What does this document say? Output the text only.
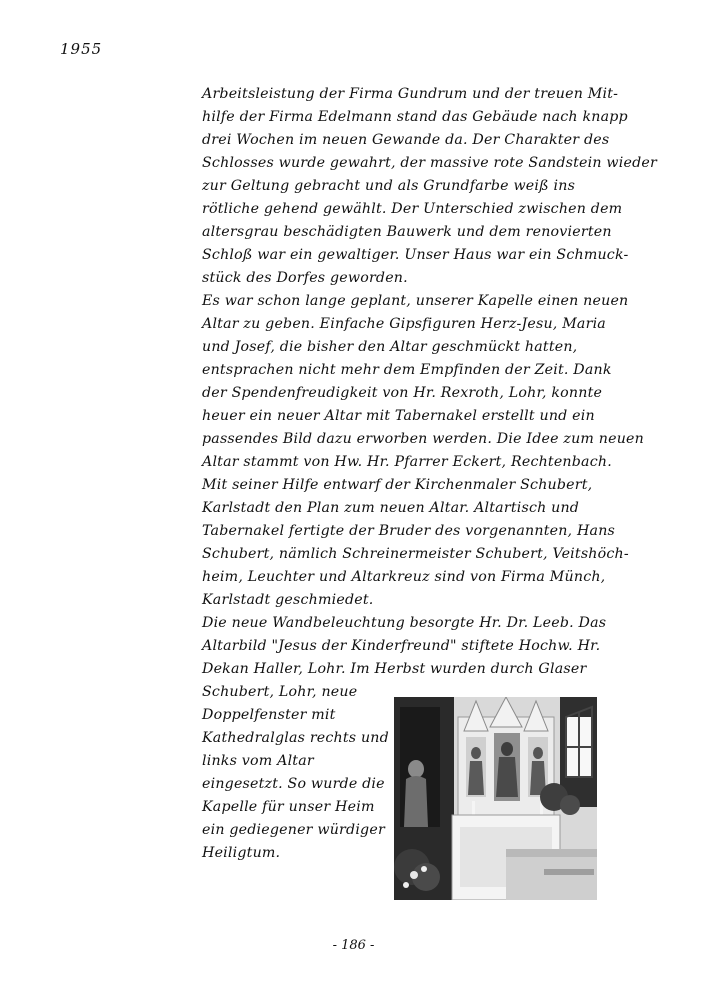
1955
Arbeitsleistung der Firma Gundrum und der treuen Mit-
hilfe der Firma Edelmann stand das Gebäude nach knapp
drei Wochen im neuen Gewande da. Der Charakter des
Schlosses wurde gewahrt, der massive rote Sandstein wieder
zur Geltung gebracht und als Grundfarbe weiß ins
rötliche gehend gewählt. Der Unterschied zwischen dem
altersgrau beschädigten Bauwerk und dem renovierten
Schloß war ein gewaltiger. Unser Haus war ein Schmuck-
stück des Dorfes geworden.
Es war schon lange geplant, unserer Kapelle einen neuen
Altar zu geben. Einfache Gipsfiguren Herz-Jesu, Maria
und Josef, die bisher den Altar geschmückt hatten,
entsprachen nicht mehr dem Empfinden der Zeit. Dank
der Spendenfreudigkeit von Hr. Rexroth, Lohr, konnte
heuer ein neuer Altar mit Tabernakel erstellt und ein
passendes Bild dazu erworben werden. Die Idee zum neuen
Altar stammt von Hw. Hr. Pfarrer Eckert, Rechtenbach.
Mit seiner Hilfe entwarf der Kirchenmaler Schubert,
Karlstadt den Plan zum neuen Altar. Altartisch und
Tabernakel fertigte der Bruder des vorgenannten, Hans
Schubert, nämlich Schreinermeister Schubert, Veitshöch-
heim, Leuchter und Altarkreuz sind von Firma Münch,
Karlstadt geschmiedet.
Die neue Wandbeleuchtung besorgte Hr. Dr. Leeb. Das
Altarbild "Jesus der Kinderfreund" stiftete Hochw. Hr.
Dekan Haller, Lohr. Im Herbst wurden durch Glaser
Schubert, Lohr, neue
Doppelfenster mit
Kathedralglas rechts und
links vom Altar
eingesetzt. So wurde die
Kapelle für unser Heim
ein gediegener würdiger
Heiligtum.
- 186 -
